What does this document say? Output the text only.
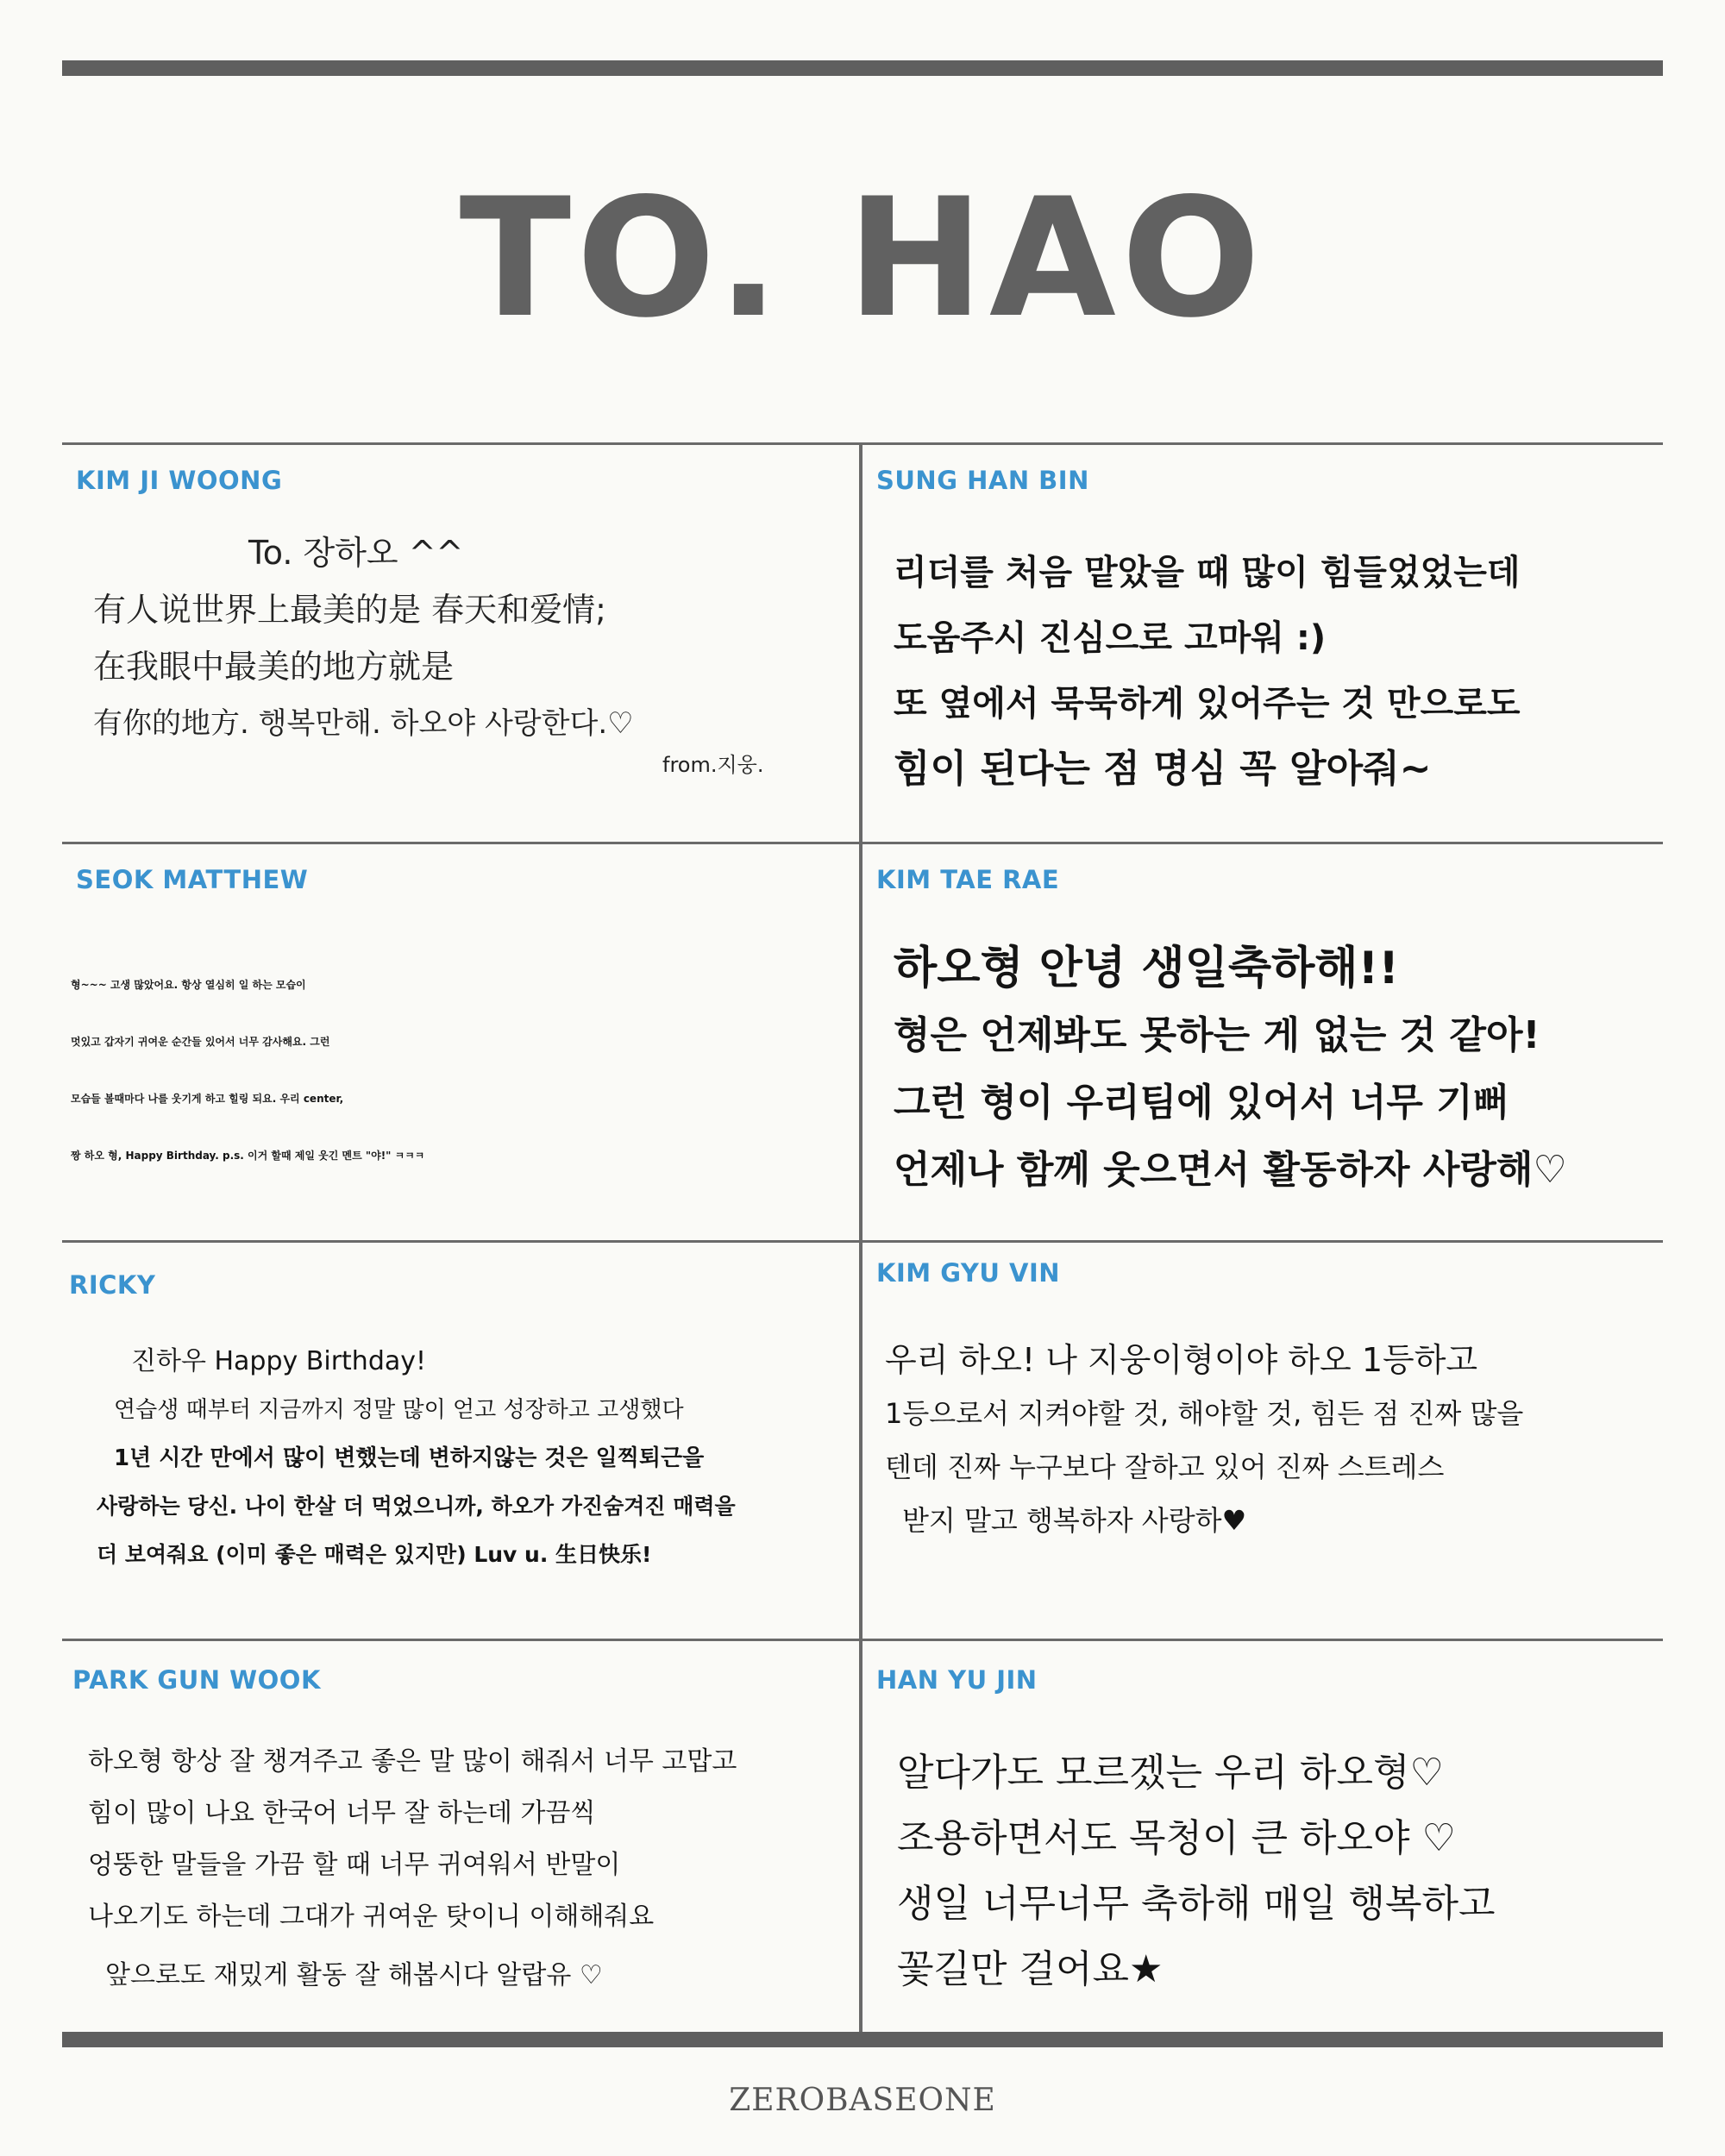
TO. HAO
KIM JI WOONG
To. 장하오 ^^
有人说世界上最美的是 春天和爱情;
在我眼中最美的地方就是
有你的地方. 행복만해. 하오야 사랑한다.♡
from.지웅.
SUNG HAN BIN
리더를 처음 맡았을 때 많이 힘들었었는데
도움주시 진심으로 고마워 :)
또 옆에서 묵묵하게 있어주는 것 만으로도
힘이 된다는 점 명심 꼭 알아줘~
SEOK MATTHEW
형~~~ 고생 많았어요. 항상 열심히 일 하는 모습이
멋있고 갑자기 귀여운 순간들 있어서 너무 감사해요. 그런
모습들 볼때마다 나를 웃기게 하고 힐링 되요. 우리 center,
짱 하오 형, Happy Birthday. p.s. 이거 할때 제일 웃긴 멘트 "야!" ㅋㅋㅋ
KIM TAE RAE
하오형 안녕 생일축하해!!
형은 언제봐도 못하는 게 없는 것 같아!
그런 형이 우리팀에 있어서 너무 기뻐
언제나 함께 웃으면서 활동하자 사랑해♡
RICKY
진하우 Happy Birthday!
연습생 때부터 지금까지 정말 많이 얻고 성장하고 고생했다
1년 시간 만에서 많이 변했는데 변하지않는 것은 일찍퇴근을
사랑하는 당신. 나이 한살 더 먹었으니까, 하오가 가진숨겨진 매력을
더 보여줘요 (이미 좋은 매력은 있지만) Luv u. 生日快乐!
KIM GYU VIN
우리 하오! 나 지웅이형이야 하오 1등하고
1등으로서 지켜야할 것, 해야할 것, 힘든 점 진짜 많을
텐데 진짜 누구보다 잘하고 있어 진짜 스트레스
받지 말고 행복하자 사랑하♥
PARK GUN WOOK
하오형 항상 잘 챙겨주고 좋은 말 많이 해줘서 너무 고맙고
힘이 많이 나요 한국어 너무 잘 하는데 가끔씩
엉뚱한 말들을 가끔 할 때 너무 귀여워서 반말이
나오기도 하는데 그대가 귀여운 탓이니 이해해줘요
앞으로도 재밌게 활동 잘 해봅시다 알랍유 ♡
HAN YU JIN
알다가도 모르겠는 우리 하오형♡
조용하면서도 목청이 큰 하오야 ♡
생일 너무너무 축하해 매일 행복하고
꽃길만 걸어요★
ZEROBASEONE
